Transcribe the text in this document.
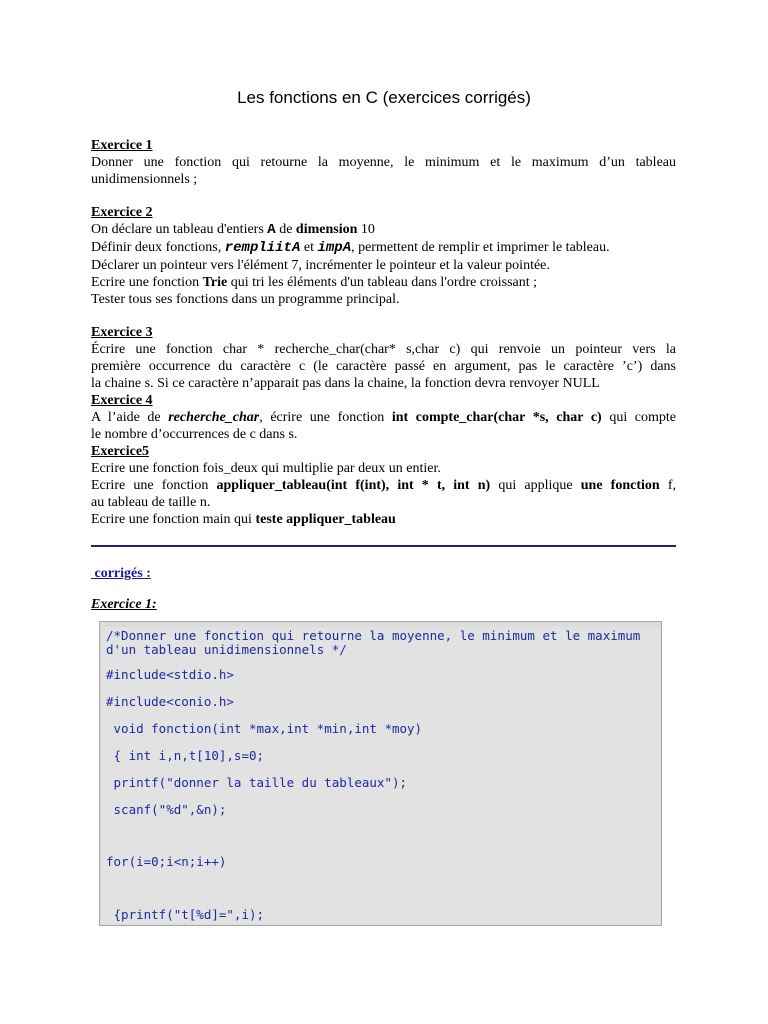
Les fonctions en C (exercices corrigés)
Exercice 1
Donner une fonction qui retourne la moyenne, le minimum et le maximum d’un tableau
unidimensionnels ;
Exercice 2
On déclare un tableau d'entiers A de dimension 10
Définir deux fonctions, rempliitA et impA, permettent de remplir et imprimer le tableau.
Déclarer un pointeur vers l'élément 7, incrémenter le pointeur et la valeur pointée.
Ecrire une fonction Trie qui tri les éléments d'un tableau dans l'ordre croissant ;
Tester tous ses fonctions dans un programme principal.
Exercice 3
Écrire une fonction char * recherche_char(char* s,char c) qui renvoie un pointeur vers la
première occurrence du caractère c (le caractère passé en argument, pas le caractère ’c’) dans
la chaine s. Si ce caractère n’apparait pas dans la chaine, la fonction devra renvoyer NULL
Exercice 4
A l’aide de recherche_char, écrire une fonction int compte_char(char *s, char c) qui compte
le nombre d’occurrences de c dans s.
Exercice5
Ecrire une fonction fois_deux qui multiplie par deux un entier.
Ecrire une fonction appliquer_tableau(int f(int), int * t, int n) qui applique une fonction f,
au tableau de taille n.
Ecrire une fonction main qui teste appliquer_tableau
corrigés :
Exercice 1:
/*Donner une fonction qui retourne la moyenne, le minimum et le maximum
d'un tableau unidimensionnels */
#include<stdio.h>
#include<conio.h>
void fonction(int *max,int *min,int *moy)
{ int i,n,t[10],s=0;
printf("donner la taille du tableaux");
scanf("%d",&n);
for(i=0;i<n;i++)
{printf("t[%d]=",i);
